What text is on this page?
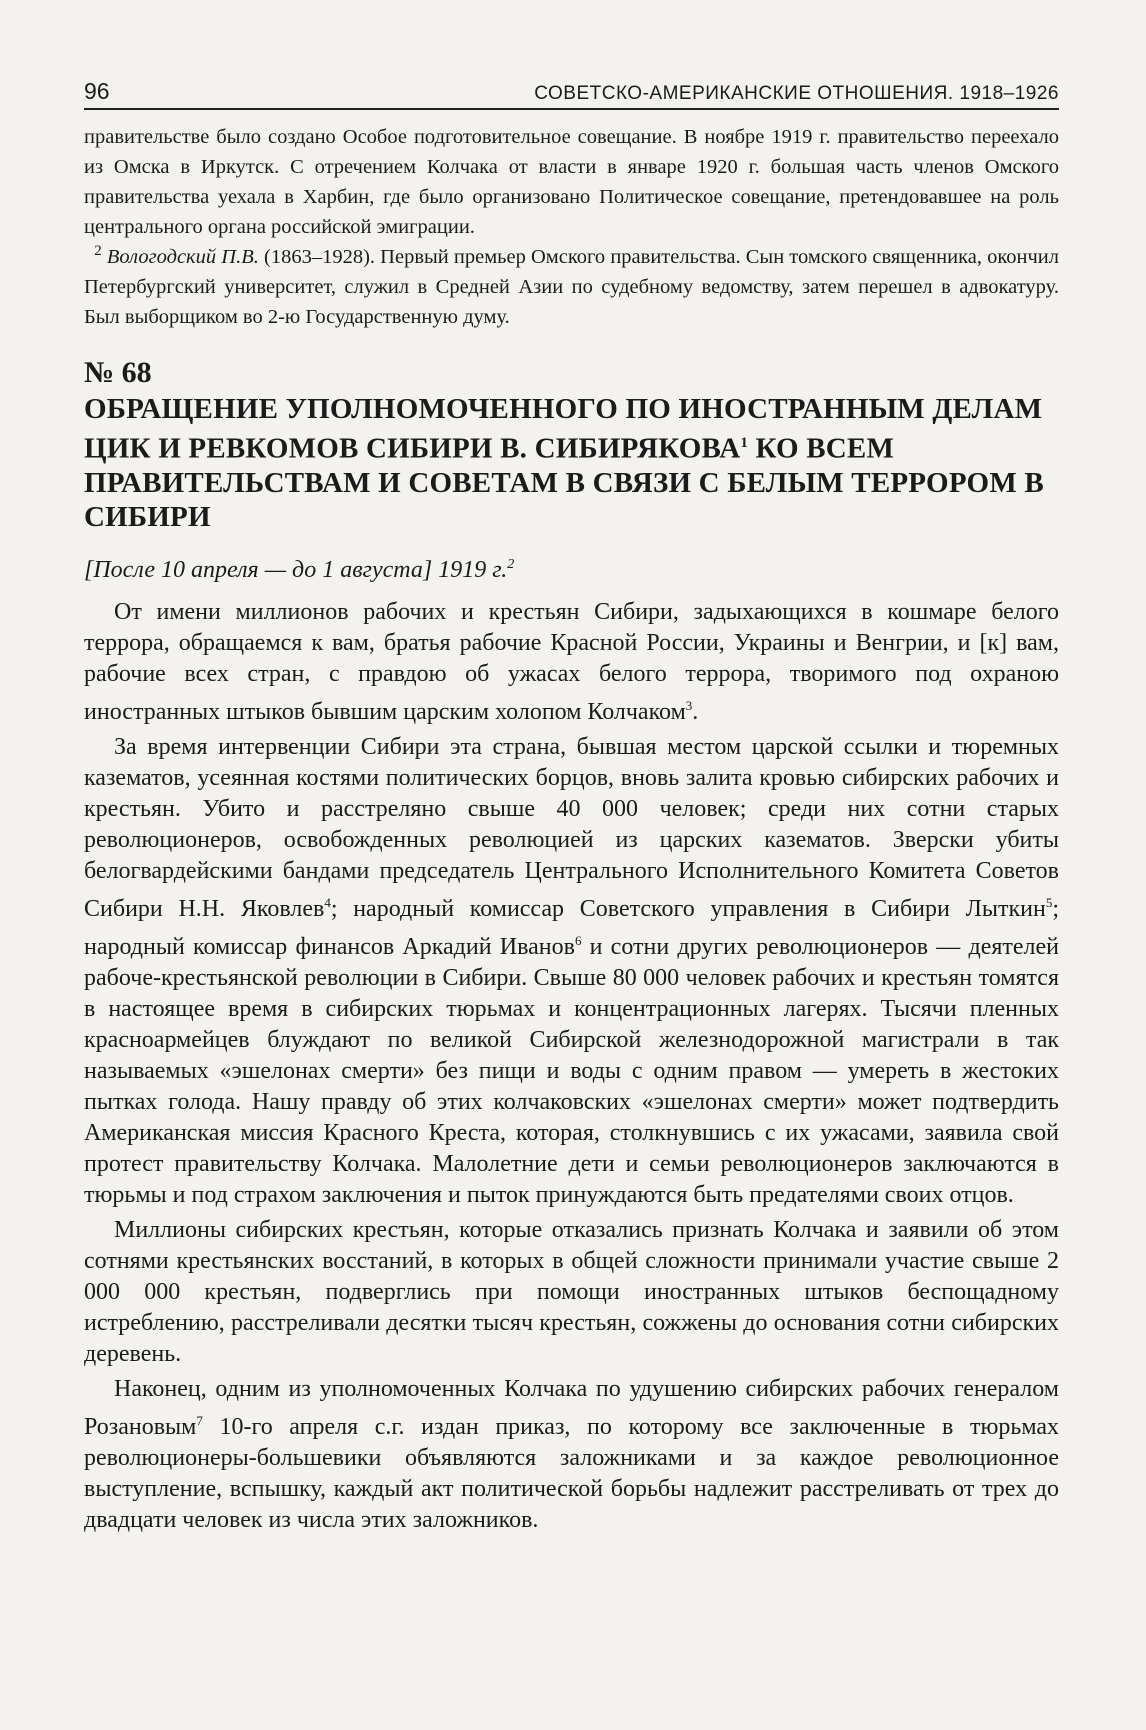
96	СОВЕТСКО-АМЕРИКАНСКИЕ ОТНОШЕНИЯ. 1918–1926

правительстве было создано Особое подготовительное совещание. В ноябре 1919 г. правительство переехало из Омска в Иркутск. С отречением Колчака от власти в январе 1920 г. большая часть членов Омского правительства уехала в Харбин, где было организовано Политическое совещание, претендовавшее на роль центрального органа российской эмиграции.

$^2$ Вологодский П.В. (1863–1928). Первый премьер Омского правительства. Сын томского священника, окончил Петербургский университет, служил в Средней Азии по судебному ведомству, затем перешел в адвокатуру. Был выборщиком во 2-ю Государственную думу.

№ 68

ОБРАЩЕНИЕ УПОЛНОМОЧЕННОГО ПО ИНОСТРАННЫМ ДЕЛАМ ЦИК И РЕВКОМОВ СИБИРИ В. СИБИРЯКОВА$^1$ КО ВСЕМ ПРАВИТЕЛЬСТВАМ И СОВЕТАМ В СВЯЗИ С БЕЛЫМ ТЕРРОРОМ В СИБИРИ

[После 10 апреля — до 1 августа] 1919 г.$^2$

От имени миллионов рабочих и крестьян Сибири, задыхающихся в кошмаре белого террора, обращаемся к вам, братья рабочие Красной России, Украины и Венгрии, и [к] вам, рабочие всех стран, с правдою об ужасах белого террора, творимого под охраною иностранных штыков бывшим царским холопом Колчаком$^3$.

За время интервенции Сибири эта страна, бывшая местом царской ссылки и тюремных казематов, усеянная костями политических борцов, вновь залита кровью сибирских рабочих и крестьян. Убито и расстреляно свыше 40 000 человек; среди них сотни старых революционеров, освобожденных революцией из царских казематов. Зверски убиты белогвардейскими бандами председатель Центрального Исполнительного Комитета Советов Сибири Н.Н. Яковлев$^4$; народный комиссар Советского управления в Сибири Лыткин$^5$; народный комиссар финансов Аркадий Иванов$^6$ и сотни других революционеров — деятелей рабоче-крестьянской революции в Сибири. Свыше 80 000 человек рабочих и крестьян томятся в настоящее время в сибирских тюрьмах и концентрационных лагерях. Тысячи пленных красноармейцев блуждают по великой Сибирской железнодорожной магистрали в так называемых «эшелонах смерти» без пищи и воды с одним правом — умереть в жестоких пытках голода. Нашу правду об этих колчаковских «эшелонах смерти» может подтвердить Американская миссия Красного Креста, которая, столкнувшись с их ужасами, заявила свой протест правительству Колчака. Малолетние дети и семьи революционеров заключаются в тюрьмы и под страхом заключения и пыток принуждаются быть предателями своих отцов.

Миллионы сибирских крестьян, которые отказались признать Колчака и заявили об этом сотнями крестьянских восстаний, в которых в общей сложности принимали участие свыше 2 000 000 крестьян, подверглись при помощи иностранных штыков беспощадному истреблению, расстреливали десятки тысяч крестьян, сожжены до основания сотни сибирских деревень.

Наконец, одним из уполномоченных Колчака по удушению сибирских рабочих генералом Розановым$^7$ 10-го апреля с.г. издан приказ, по которому все заключенные в тюрьмах революционеры-большевики объявляются заложниками и за каждое революционное выступление, вспышку, каждый акт политической борьбы надлежит расстреливать от трех до двадцати человек из числа этих заложников.
